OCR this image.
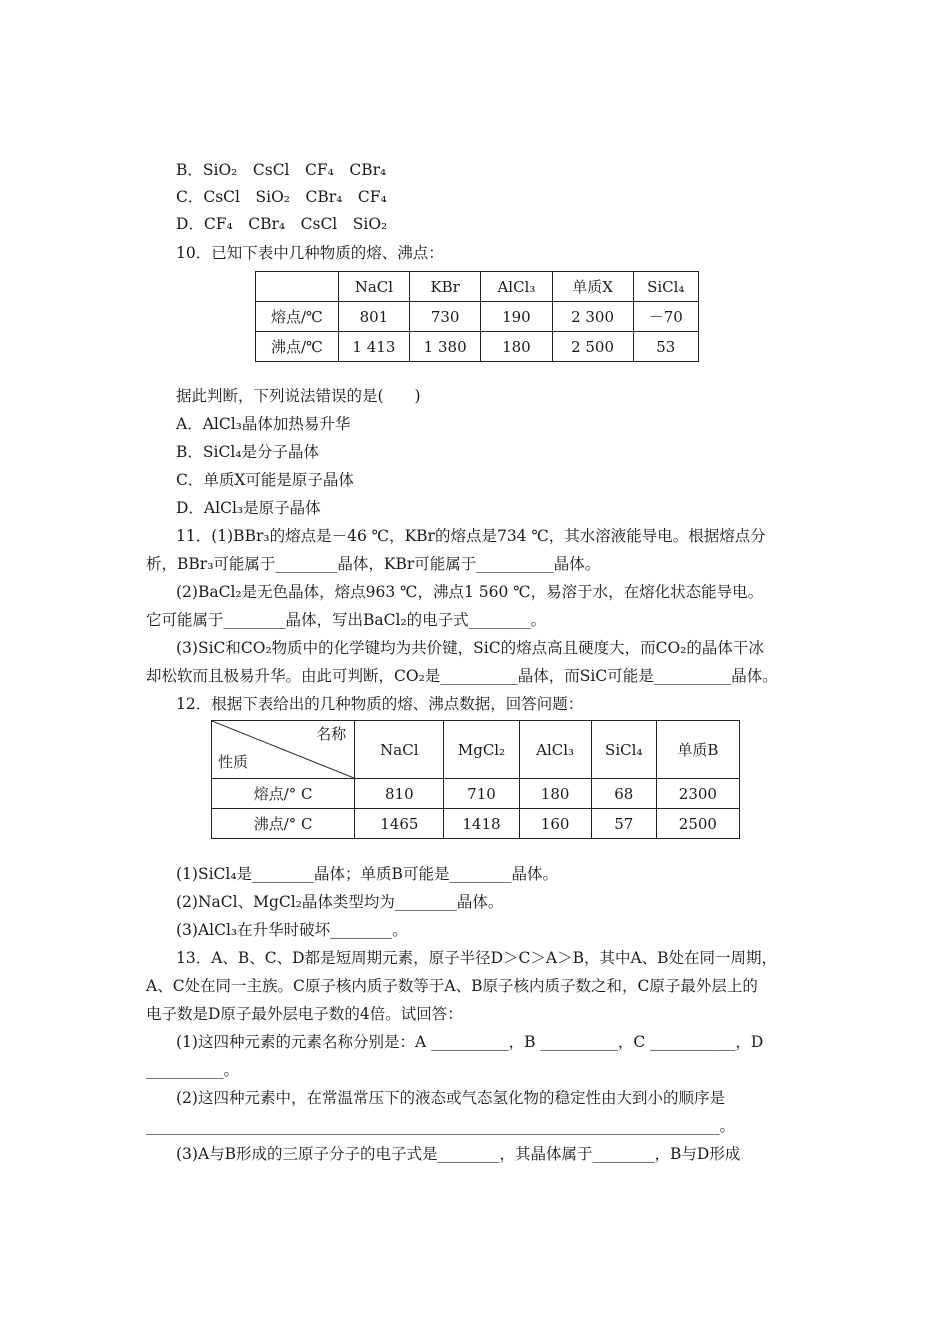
B．SiO₂　CsCl　CF₄　CBr₄
C．CsCl　SiO₂　CBr₄　CF₄
D．CF₄　CBr₄　CsCl　SiO₂
10．已知下表中几种物质的熔、沸点：
	NaCl	KBr	AlCl₃	单质X	SiCl₄
熔点/℃	801	730	190	2 300	－70
沸点/℃	1 413	1 380	180	2 500	53
据此判断，下列说法错误的是(　　)
A．AlCl₃晶体加热易升华
B．SiCl₄是分子晶体
C．单质X可能是原子晶体
D．AlCl₃是原子晶体
11．(1)BBr₃的熔点是－46 ℃，KBr的熔点是734 ℃，其水溶液能导电。根据熔点分
析，BBr₃可能属于________晶体，KBr可能属于__________晶体。
(2)BaCl₂是无色晶体，熔点963 ℃，沸点1 560 ℃，易溶于水，在熔化状态能导电。
它可能属于________晶体，写出BaCl₂的电子式________。
(3)SiC和CO₂物质中的化学键均为共价键，SiC的熔点高且硬度大，而CO₂的晶体干冰
却松软而且极易升华。由此可判断，CO₂是__________晶体，而SiC可能是__________晶体。
12．根据下表给出的几种物质的熔、沸点数据，回答问题：
名称
性质	NaCl	MgCl₂	AlCl₃	SiCl₄	单质B
熔点/° C	810	710	180	68	2300
沸点/° C	1465	1418	160	57	2500
(1)SiCl₄是________晶体；单质B可能是________晶体。
(2)NaCl、MgCl₂晶体类型均为________晶体。
(3)AlCl₃在升华时破坏________。
13．A、B、C、D都是短周期元素，原子半径D＞C＞A＞B，其中A、B处在同一周期，
A、C处在同一主族。C原子核内质子数等于A、B原子核内质子数之和，C原子最外层上的
电子数是D原子最外层电子数的4倍。试回答：
(1)这四种元素的元素名称分别是：A __________，B __________，C ___________，D
__________。
(2)这四种元素中，在常温常压下的液态或气态氢化物的稳定性由大到小的顺序是
__________________________________________________________________________。
(3)A与B形成的三原子分子的电子式是________，其晶体属于________，B与D形成
